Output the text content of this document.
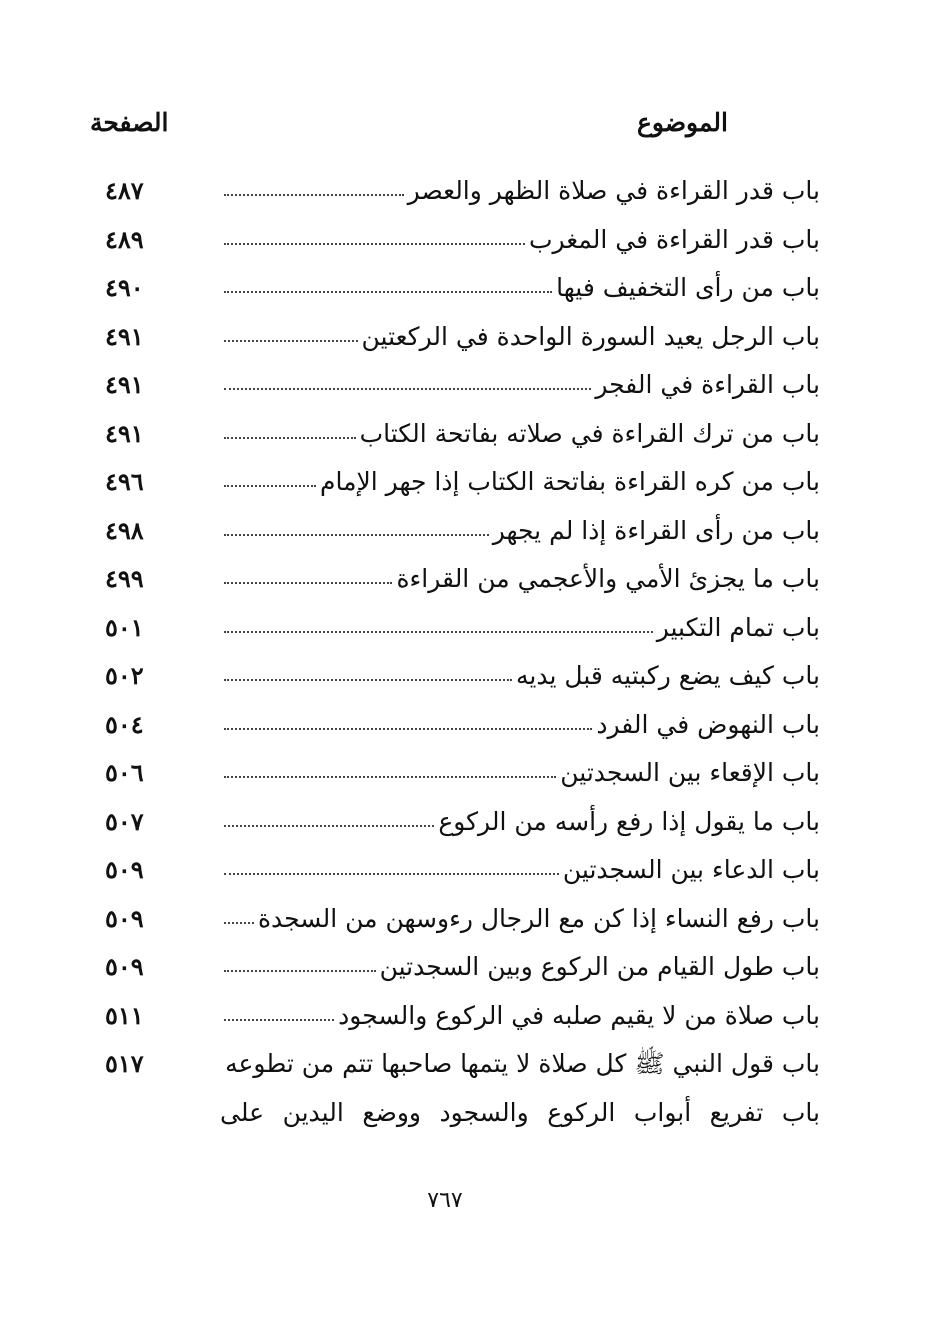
الموضوع
الصفحة
باب قدر القراءة في صلاة الظهر والعصر
٤٨٧
باب قدر القراءة في المغرب
٤٨٩
باب من رأى التخفيف فيها
٤٩٠
باب الرجل يعيد السورة الواحدة في الركعتين
٤٩١
باب القراءة في الفجر
٤٩١
باب من ترك القراءة في صلاته بفاتحة الكتاب
٤٩١
باب من كره القراءة بفاتحة الكتاب إذا جهر الإمام
٤٩٦
باب من رأى القراءة إذا لم يجهر
٤٩٨
باب ما يجزئ الأمي والأعجمي من القراءة
٤٩٩
باب تمام التكبير
٥٠١
باب كيف يضع ركبتيه قبل يديه
٥٠٢
باب النهوض في الفرد
٥٠٤
باب الإقعاء بين السجدتين
٥٠٦
باب ما يقول إذا رفع رأسه من الركوع
٥٠٧
باب الدعاء بين السجدتين
٥٠٩
باب رفع النساء إذا كن مع الرجال رءوسهن من السجدة
٥٠٩
باب طول القيام من الركوع وبين السجدتين
٥٠٩
باب صلاة من لا يقيم صلبه في الركوع والسجود
٥١١
باب قول النبي ﷺ كل صلاة لا يتمها صاحبها تتم من تطوعه
٥١٧
باب تفريع أبواب الركوع والسجود ووضع اليدين على
٧٦٧
